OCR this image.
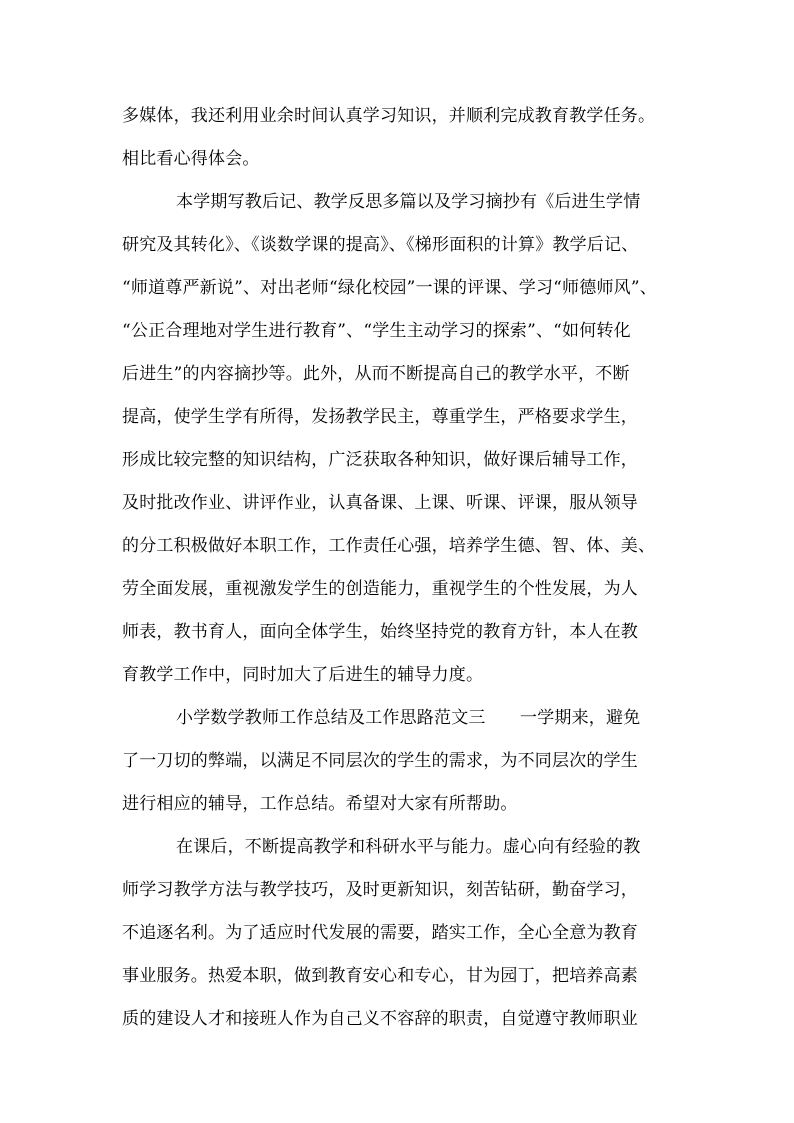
多媒体，我还利用业余时间认真学习知识，并顺利完成教育教学任务。
相比看心得体会。
本学期写教后记、教学反思多篇以及学习摘抄有《后进生学情
研究及其转化》、《谈数学课的提高》、《梯形面积的计算》教学后记、
“师道尊严新说”、对出老师“绿化校园”一课的评课、学习“师德师风”、
“公正合理地对学生进行教育”、“学生主动学习的探索”、“如何转化
后进生”的内容摘抄等。此外，从而不断提高自己的教学水平，不断
提高，使学生学有所得，发扬教学民主，尊重学生，严格要求学生，
形成比较完整的知识结构，广泛获取各种知识，做好课后辅导工作，
及时批改作业、讲评作业，认真备课、上课、听课、评课，服从领导
的分工积极做好本职工作，工作责任心强，培养学生德、智、体、美、
劳全面发展，重视激发学生的创造能力，重视学生的个性发展，为人
师表，教书育人，面向全体学生，始终坚持党的教育方针，本人在教
育教学工作中，同时加大了后进生的辅导力度。
小学数学教师工作总结及工作思路范文三　　一学期来，避免
了一刀切的弊端，以满足不同层次的学生的需求，为不同层次的学生
进行相应的辅导，工作总结。希望对大家有所帮助。
在课后，不断提高教学和科研水平与能力。虚心向有经验的教
师学习教学方法与教学技巧，及时更新知识，刻苦钻研，勤奋学习，
不追逐名利。为了适应时代发展的需要，踏实工作，全心全意为教育
事业服务。热爱本职，做到教育安心和专心，甘为园丁，把培养高素
质的建设人才和接班人作为自己义不容辞的职责，自觉遵守教师职业
